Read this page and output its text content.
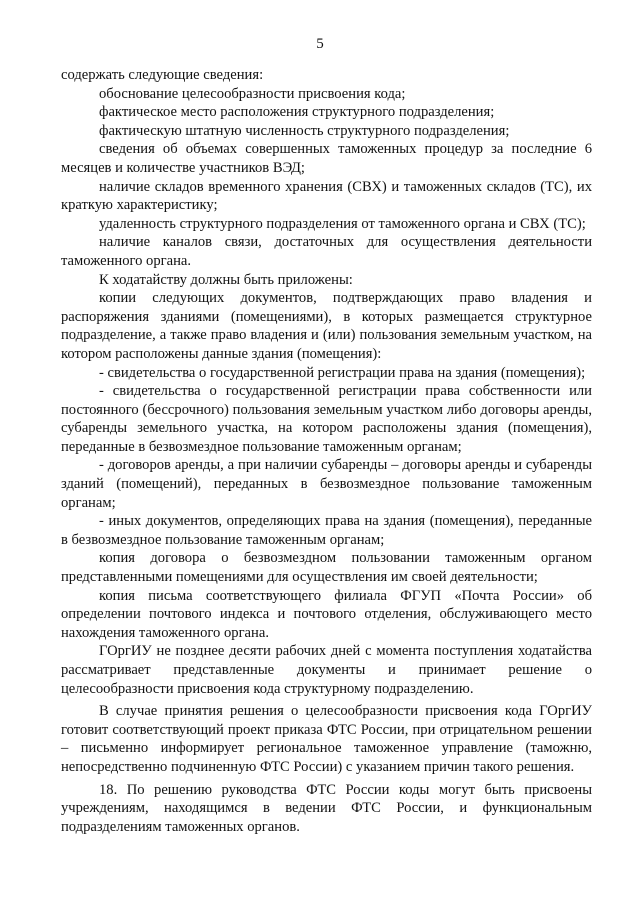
5

содержать следующие сведения:

обоснование целесообразности присвоения кода;

фактическое место расположения структурного подразделения;

фактическую штатную численность структурного подразделения;

сведения об объемах совершенных таможенных процедур за последние 6 месяцев и количестве участников ВЭД;

наличие складов временного хранения (СВХ) и таможенных складов (ТС), их краткую характеристику;

удаленность структурного подразделения от таможенного органа и СВХ (ТС);

наличие каналов связи, достаточных для осуществления деятельности таможенного органа.

К ходатайству должны быть приложены:

копии следующих документов, подтверждающих право владения и распоряжения зданиями (помещениями), в которых размещается структурное подразделение, а также право владения и (или) пользования земельным участком, на котором расположены данные здания (помещения):

- свидетельства о государственной регистрации права на здания (помещения);

- свидетельства о государственной регистрации права собственности или постоянного (бессрочного) пользования земельным участком либо договоры аренды, субаренды земельного участка, на котором расположены здания (помещения), переданные в безвозмездное пользование таможенным органам;

- договоров аренды, а при наличии субаренды – договоры аренды и субаренды зданий (помещений), переданных в безвозмездное пользование таможенным органам;

- иных документов, определяющих права на здания (помещения), переданные в безвозмездное пользование таможенным органам;

копия договора о безвозмездном пользовании таможенным органом представленными помещениями для осуществления им своей деятельности;

копия письма соответствующего филиала ФГУП «Почта России» об определении почтового индекса и почтового отделения, обслуживающего место нахождения таможенного органа.

ГОргИУ не позднее десяти рабочих дней с момента поступления ходатайства рассматривает представленные документы и принимает решение о целесообразности присвоения кода структурному подразделению.

В случае принятия решения о целесообразности присвоения кода ГОргИУ готовит соответствующий проект приказа ФТС России, при отрицательном решении – письменно информирует региональное таможенное управление (таможню, непосредственно подчиненную ФТС России) с указанием причин такого решения.

18. По решению руководства ФТС России коды могут быть присвоены учреждениям, находящимся в ведении ФТС России, и функциональным подразделениям таможенных органов.
